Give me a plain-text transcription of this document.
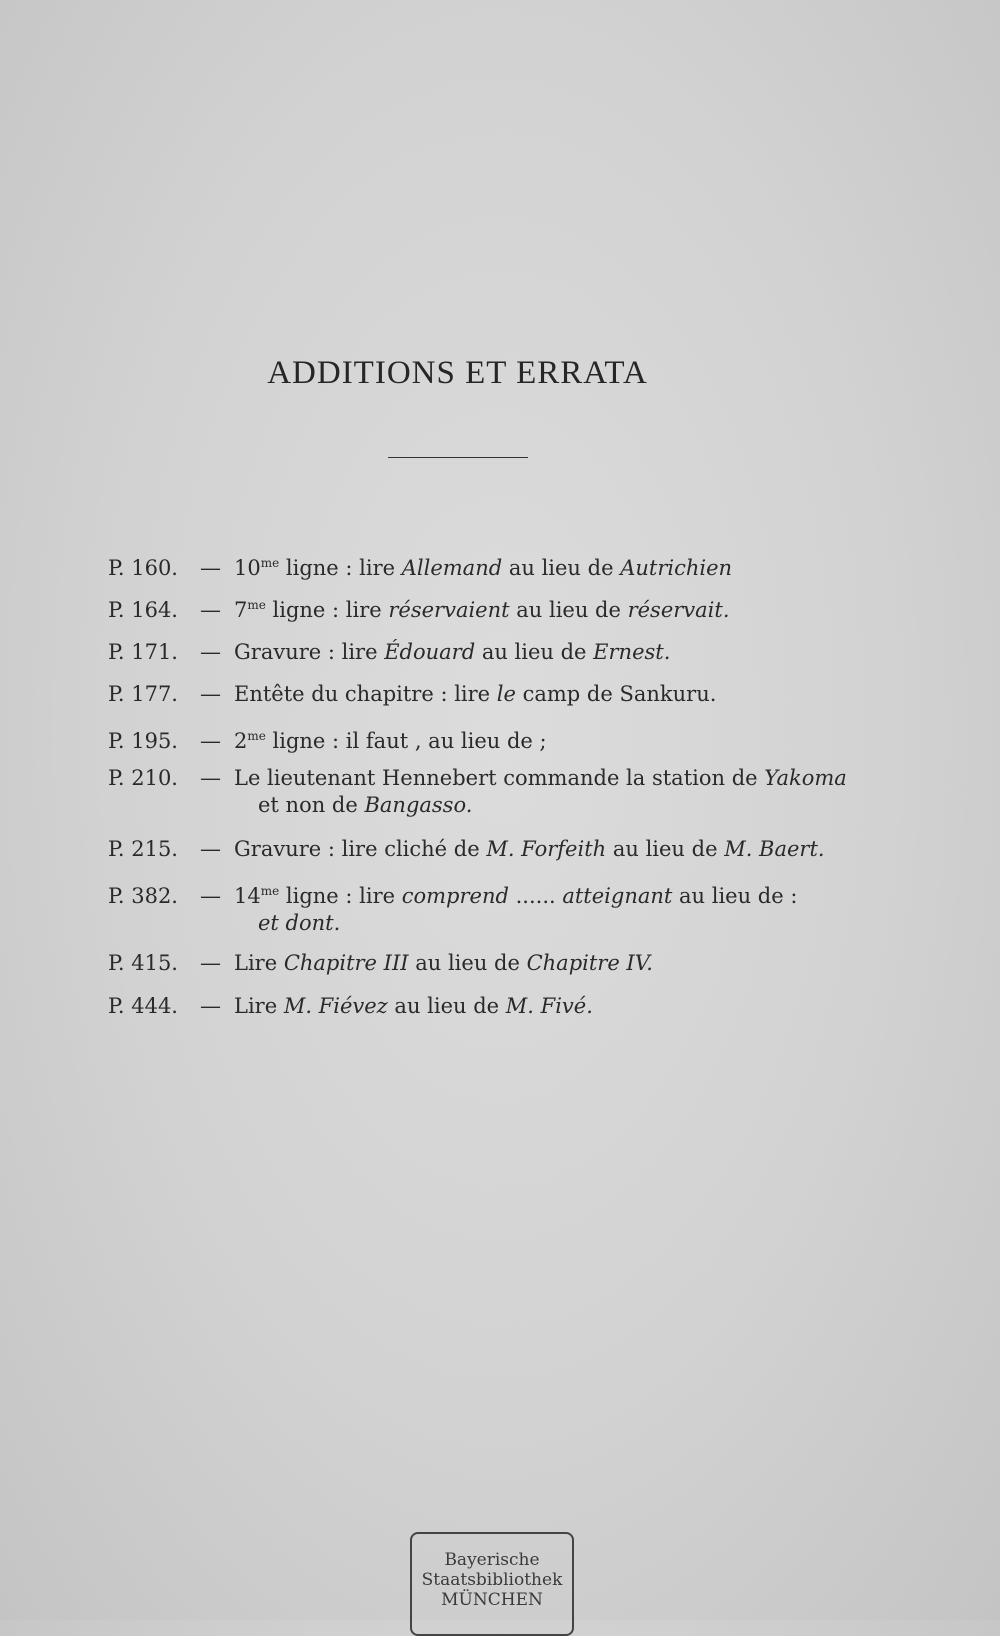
ADDITIONS ET ERRATA
P. 160. — $10^{me}$ ligne : lire Allemand au lieu de Autrichien
P. 164. — $7^{me}$ ligne : lire réservaient au lieu de réservait.
P. 171. — Gravure : lire Édouard au lieu de Ernest.
P. 177. — Entête du chapitre : lire le camp de Sankuru.
P. 195. — $2^{me}$ ligne : il faut , au lieu de ;
P. 210. — Le lieutenant Hennebert commande la station de Yakoma
et non de Bangasso.
P. 215. — Gravure : lire cliché de M. Forfeith au lieu de M. Baert.
P. 382. — $14^{me}$ ligne : lire comprend ...... atteignant au lieu de :
et dont.
P. 415. — Lire Chapitre III au lieu de Chapitre IV.
P. 444. — Lire M. Fiévez au lieu de M. Fivé.
Bayerische
Staatsbibliothek
MÜNCHEN
